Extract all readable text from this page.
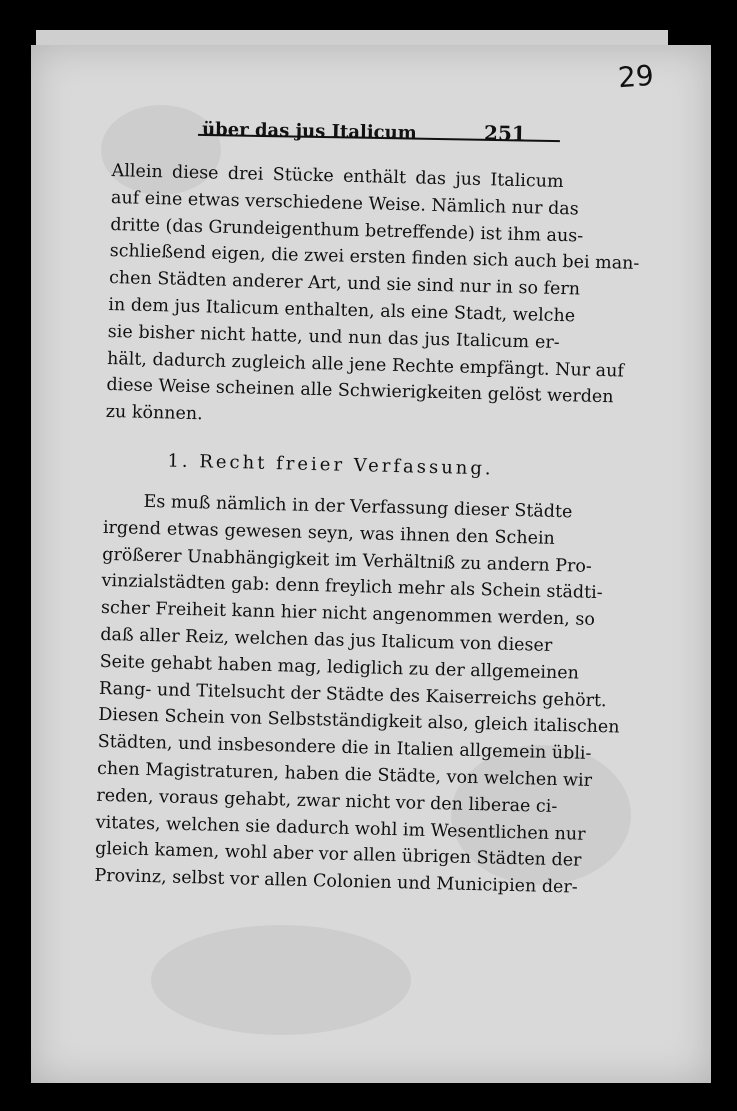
29
über das jus Italicum	251
Allein diese drei Stücke enthält das jus Italicum
auf eine etwas verschiedene Weise. Nämlich nur das
dritte (das Grundeigenthum betreffende) ist ihm aus-
schließend eigen, die zwei ersten finden sich auch bei man-
chen Städten anderer Art, und sie sind nur in so fern
in dem jus Italicum enthalten, als eine Stadt, welche
sie bisher nicht hatte, und nun das jus Italicum er-
hält, dadurch zugleich alle jene Rechte empfängt. Nur auf
diese Weise scheinen alle Schwierigkeiten gelöst werden
zu können.
1. Recht freier Verfassung.
Es muß nämlich in der Verfassung dieser Städte
irgend etwas gewesen seyn, was ihnen den Schein
größerer Unabhängigkeit im Verhältniß zu andern Pro-
vinzialstädten gab: denn freylich mehr als Schein städti-
scher Freiheit kann hier nicht angenommen werden, so
daß aller Reiz, welchen das jus Italicum von dieser
Seite gehabt haben mag, lediglich zu der allgemeinen
Rang- und Titelsucht der Städte des Kaiserreichs gehört.
Diesen Schein von Selbstständigkeit also, gleich italischen
Städten, und insbesondere die in Italien allgemein übli-
chen Magistraturen, haben die Städte, von welchen wir
reden, voraus gehabt, zwar nicht vor den liberae ci-
vitates, welchen sie dadurch wohl im Wesentlichen nur
gleich kamen, wohl aber vor allen übrigen Städten der
Provinz, selbst vor allen Colonien und Municipien der-
